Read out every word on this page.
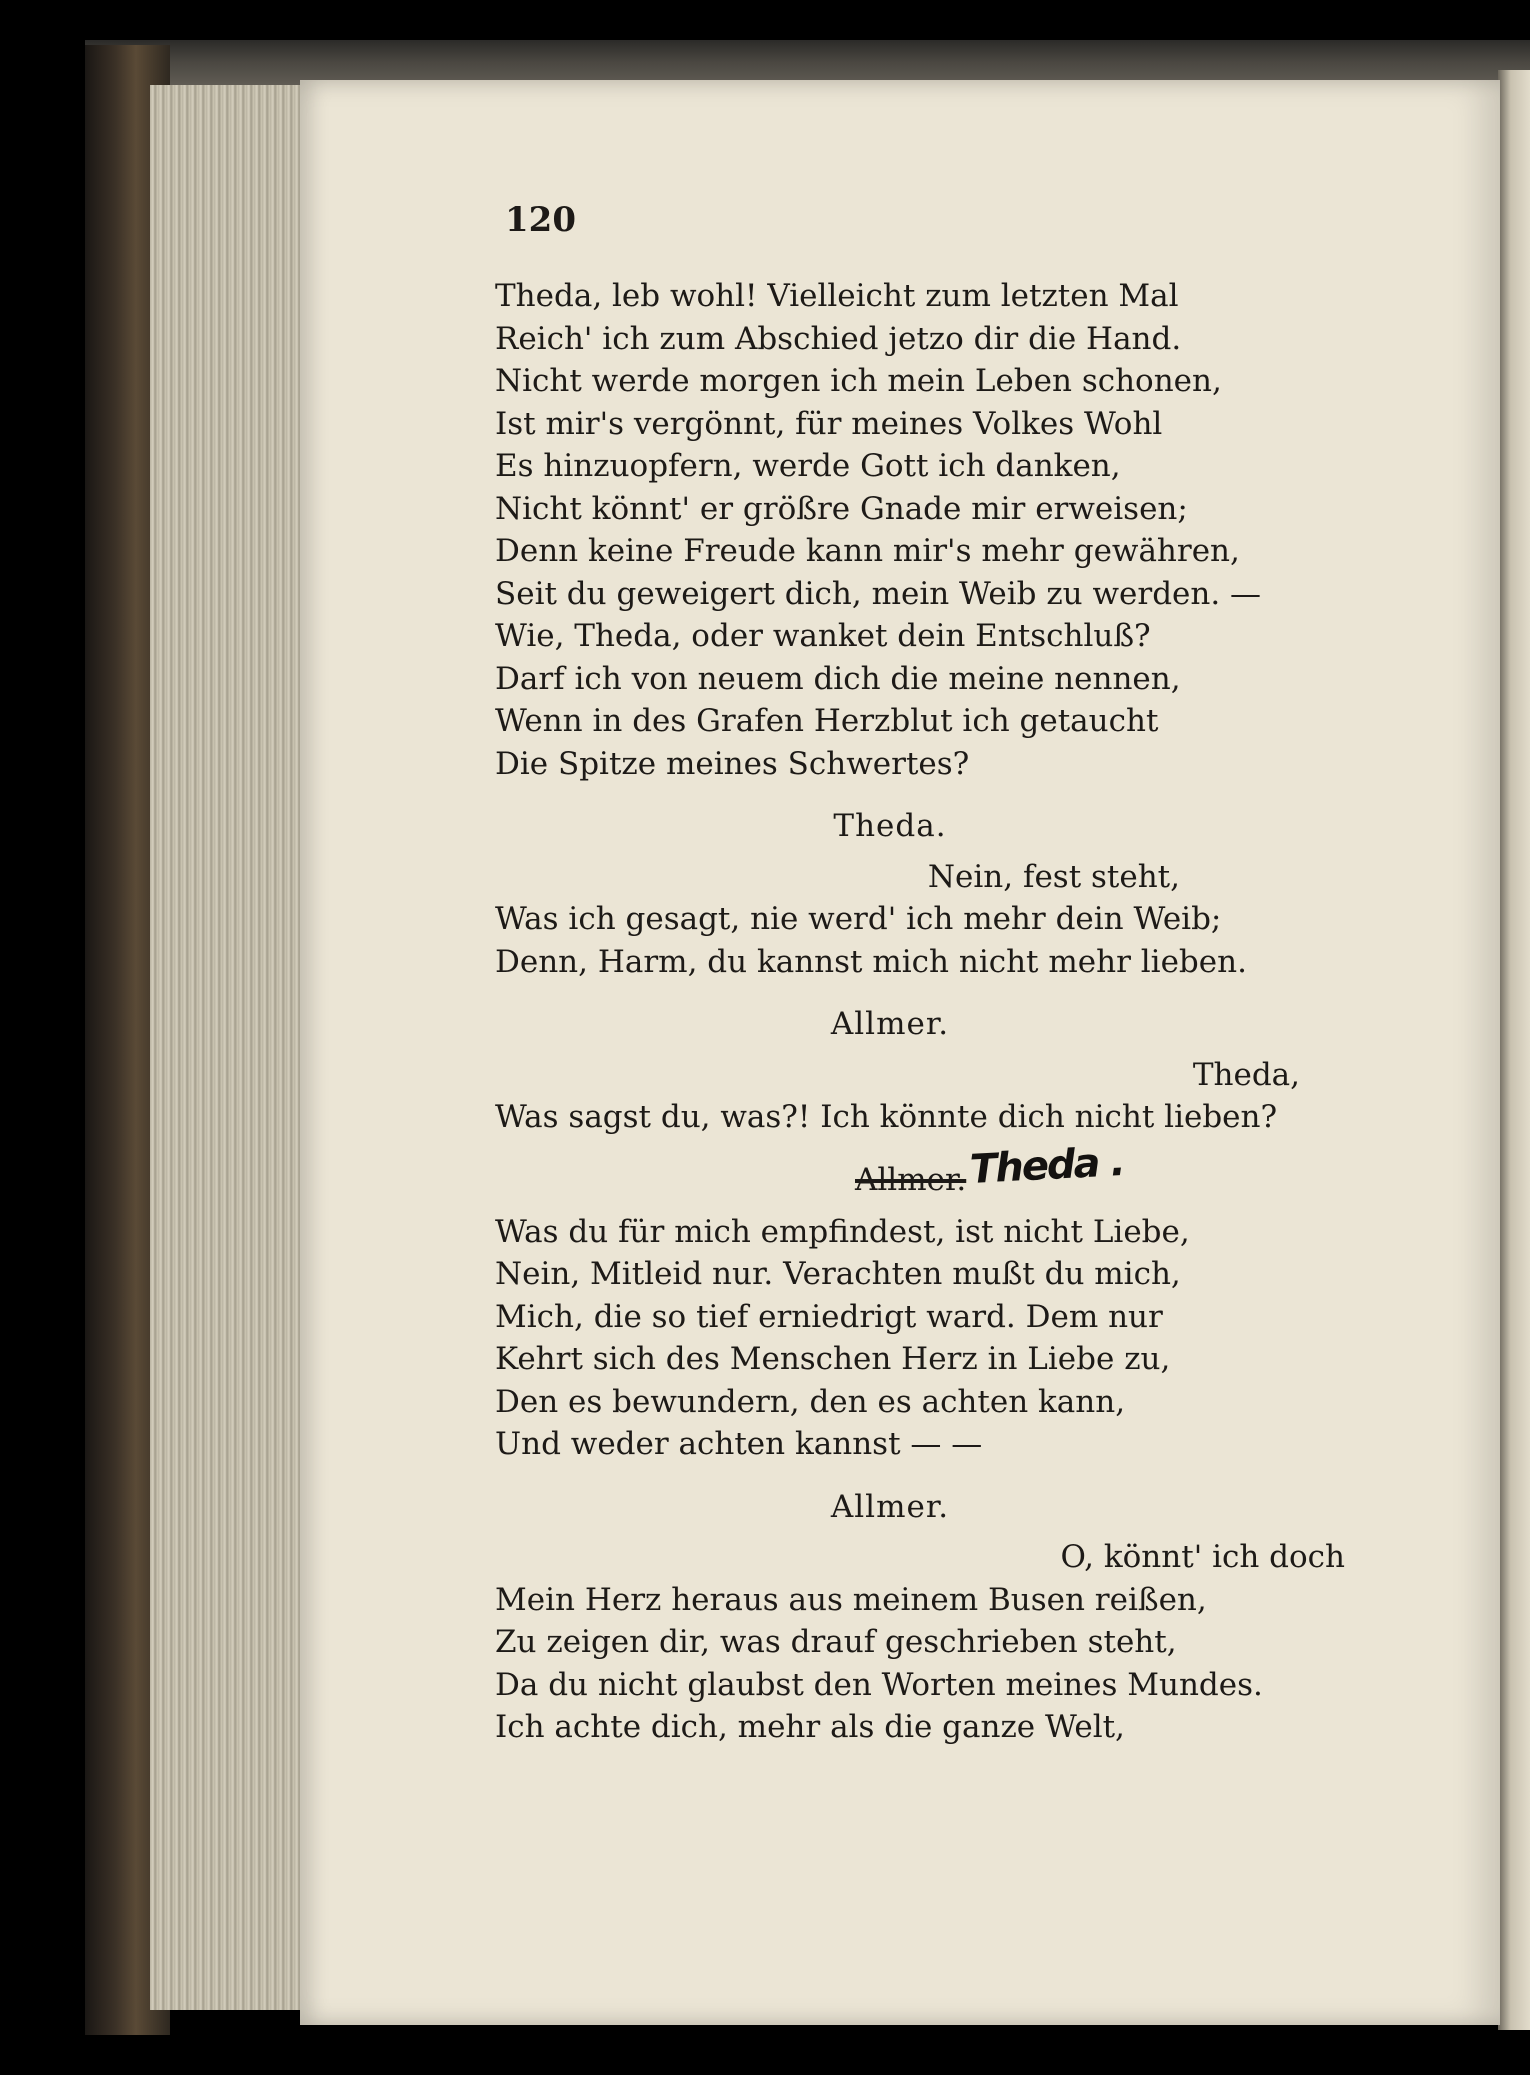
120
Theda, leb wohl! Vielleicht zum letzten Mal
Reich' ich zum Abschied jetzo dir die Hand.
Nicht werde morgen ich mein Leben schonen,
Ist mir's vergönnt, für meines Volkes Wohl
Es hinzuopfern, werde Gott ich danken,
Nicht könnt' er größre Gnade mir erweisen;
Denn keine Freude kann mir's mehr gewähren,
Seit du geweigert dich, mein Weib zu werden. —
Wie, Theda, oder wanket dein Entschluß?
Darf ich von neuem dich die meine nennen,
Wenn in des Grafen Herzblut ich getaucht
Die Spitze meines Schwertes?
Theda.
Nein, fest steht,
Was ich gesagt, nie werd' ich mehr dein Weib;
Denn, Harm, du kannst mich nicht mehr lieben.
Allmer.
Theda,
Was sagst du, was?! Ich könnte dich nicht lieben?
Allmer. Theda .
Was du für mich empfindest, ist nicht Liebe,
Nein, Mitleid nur. Verachten mußt du mich,
Mich, die so tief erniedrigt ward. Dem nur
Kehrt sich des Menschen Herz in Liebe zu,
Den es bewundern, den es achten kann,
Und weder achten kannst — —
Allmer.
O, könnt' ich doch
Mein Herz heraus aus meinem Busen reißen,
Zu zeigen dir, was drauf geschrieben steht,
Da du nicht glaubst den Worten meines Mundes.
Ich achte dich, mehr als die ganze Welt,
